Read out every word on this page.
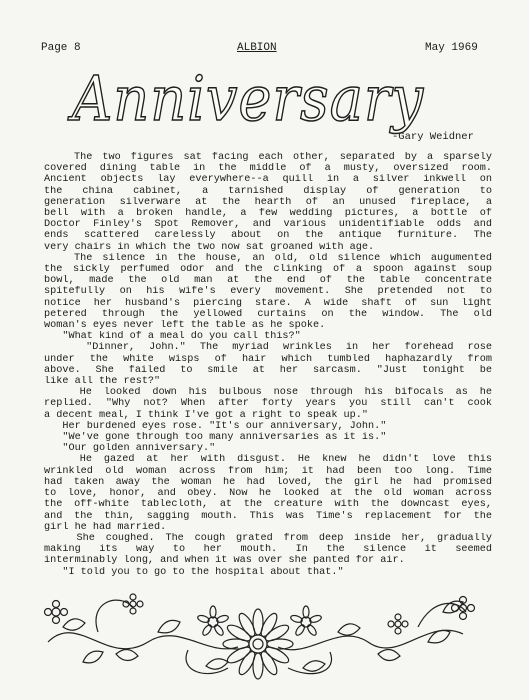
Page 8	ALBION	May 1969
Anniversary
-Gary Weidner
The two figures sat facing each other, separated by a sparsely
covered dining table in the middle of a musty, oversized room.
Ancient objects lay everywhere--a quill in a silver inkwell on
the china cabinet, a tarnished display of generation to
generation silverware at the hearth of an unused fireplace, a
bell with a broken handle, a few wedding pictures, a bottle of
Doctor Finley's Spot Remover, and various unidentifiable odds and
ends scattered carelessly about on the antique furniture. The
very chairs in which the two now sat groaned with age.
The silence in the house, an old, old silence which augumented
the sickly perfumed odor and the clinking of a spoon against soup
bowl, made the old man at the end of the table concentrate
spitefully on his wife's every movement. She pretended not to
notice her husband's piercing stare. A wide shaft of sun light
petered through the yellowed curtains on the window. The old
woman's eyes never left the table as he spoke.
"What kind of a meal do you call this?"
"Dinner, John." The myriad wrinkles in her forehead rose
under the white wisps of hair which tumbled haphazardly from
above. She failed to smile at her sarcasm. "Just tonight be
like all the rest?"
He looked down his bulbous nose through his bifocals as he
replied. "Why not? When after forty years you still can't cook
a decent meal, I think I've got a right to speak up."
Her burdened eyes rose. "It's our anniversary, John."
"We've gone through too many anniversaries as it is."
"Our golden anniversary."
He gazed at her with disgust. He knew he didn't love this
wrinkled old woman across from him; it had been too long. Time
had taken away the woman he had loved, the girl he had promised
to love, honor, and obey. Now he looked at the old woman across
the off-white tablecloth, at the creature with the downcast eyes,
and the thin, sagging mouth. This was Time's replacement for the
girl he had married.
She coughed. The cough grated from deep inside her, gradually
making its way to her mouth. In the silence it seemed
interminably long, and when it was over she panted for air.
"I told you to go to the hospital about that."
